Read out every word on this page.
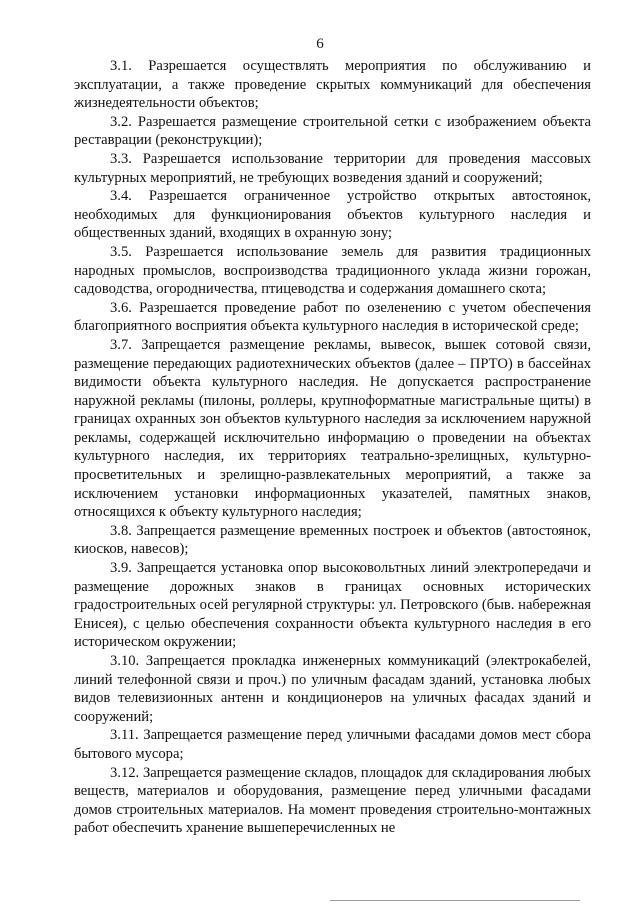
6

3.1. Разрешается осуществлять мероприятия по обслуживанию и эксплуатации, а также проведение скрытых коммуникаций для обеспечения жизнедеятельности объектов;

3.2. Разрешается размещение строительной сетки с изображением объекта реставрации (реконструкции);

3.3. Разрешается использование территории для проведения массовых культурных мероприятий, не требующих возведения зданий и сооружений;

3.4. Разрешается ограниченное устройство открытых автостоянок, необходимых для функционирования объектов культурного наследия и общественных зданий, входящих в охранную зону;

3.5. Разрешается использование земель для развития традиционных народных промыслов, воспроизводства традиционного уклада жизни горожан, садоводства, огородничества, птицеводства и содержания домашнего скота;

3.6. Разрешается проведение работ по озеленению с учетом обеспечения благоприятного восприятия объекта культурного наследия в исторической среде;

3.7. Запрещается размещение рекламы, вывесок, вышек сотовой связи, размещение передающих радиотехнических объектов (далее – ПРТО) в бассейнах видимости объекта культурного наследия. Не допускается распространение наружной рекламы (пилоны, роллеры, крупноформатные магистральные щиты) в границах охранных зон объектов культурного наследия за исключением наружной рекламы, содержащей исключительно информацию о проведении на объектах культурного наследия, их территориях театрально-зрелищных, культурно-просветительных и зрелищно-развлекательных мероприятий, а также за исключением установки информационных указателей, памятных знаков, относящихся к объекту культурного наследия;

3.8. Запрещается размещение временных построек и объектов (автостоянок, киосков, навесов);

3.9. Запрещается установка опор высоковольтных линий электропередачи и размещение дорожных знаков в границах основных исторических градостроительных осей регулярной структуры: ул. Петровского (быв. набережная Енисея), с целью обеспечения сохранности объекта культурного наследия в его историческом окружении;

3.10. Запрещается прокладка инженерных коммуникаций (электрокабелей, линий телефонной связи и проч.) по уличным фасадам зданий, установка любых видов телевизионных антенн и кондиционеров на уличных фасадах зданий и сооружений;

3.11. Запрещается размещение перед уличными фасадами домов мест сбора бытового мусора;

3.12. Запрещается размещение складов, площадок для складирования любых веществ, материалов и оборудования, размещение перед уличными фасадами домов строительных материалов. На момент проведения строительно-монтажных работ обеспечить хранение вышеперечисленных не
